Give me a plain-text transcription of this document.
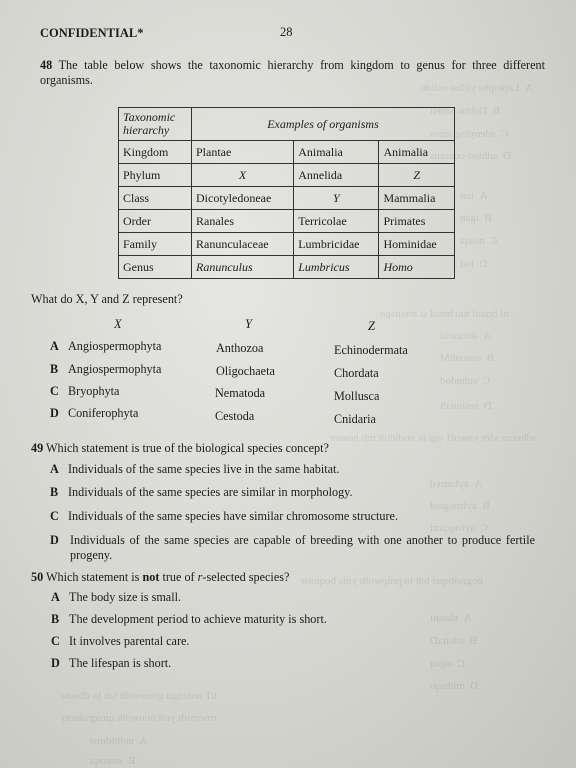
A  Leptophs ylilbo eolido
B  Dulino smell
C  adenylog smos
D  adhtoo ocuorus
A  ion
B  igan
C  nolqa
D  lod
ni bnuol tuu bmid si meinsgo
A  sinonoid
B  sunonbM
C  suhndod
D  sesinuaS
adhnom xlm ynwol1 ogi ni nodiduit mb nosem
A  ayfomyd
B  ayfmogeid
C  ayfoqqimi
nogroibqsri bdt to pnipwolb ynts boqmtw
A  nkoini
B  sdoitaD
C  elpiq
D  muhsqo
hT nohingu gnouwolb sdt lo dbndw
rtnomirb ynil nouwolk qmiqrulnoiy
A  nolhidmst
B  smroqa
CONFIDENTIAL*	28
48 The table below shows the taxonomic hierarchy from kingdom to genus for three different organisms.
Taxonomic hierarchy	Examples of organisms		
Kingdom	Plantae	Animalia	Animalia
Phylum	X	Annelida	Z
Class	Dicotyledoneae	Y	Mammalia
Order	Ranales	Terricolae	Primates
Family	Ranunculaceae	Lumbricidae	Hominidae
Genus	Ranunculus	Lumbricus	Homo
What do X, Y and Z represent?
X	Y	Z
A Angiospermophyta	Anthozoa	Echinodermata
B Angiospermophyta	Oligochaeta	Chordata
C Bryophyta	Nematoda	Mollusca
D Coniferophyta	Cestoda	Cnidaria
49 Which statement is true of the biological species concept?
A Individuals of the same species live in the same habitat.
B Individuals of the same species are similar in morphology.
C Individuals of the same species have similar chromosome structure.
D Individuals of the same species are capable of breeding with one another to produce fertile progeny.
50 Which statement is not true of r-selected species?
A The body size is small.
B The development period to achieve maturity is short.
C It involves parental care.
D The lifespan is short.
